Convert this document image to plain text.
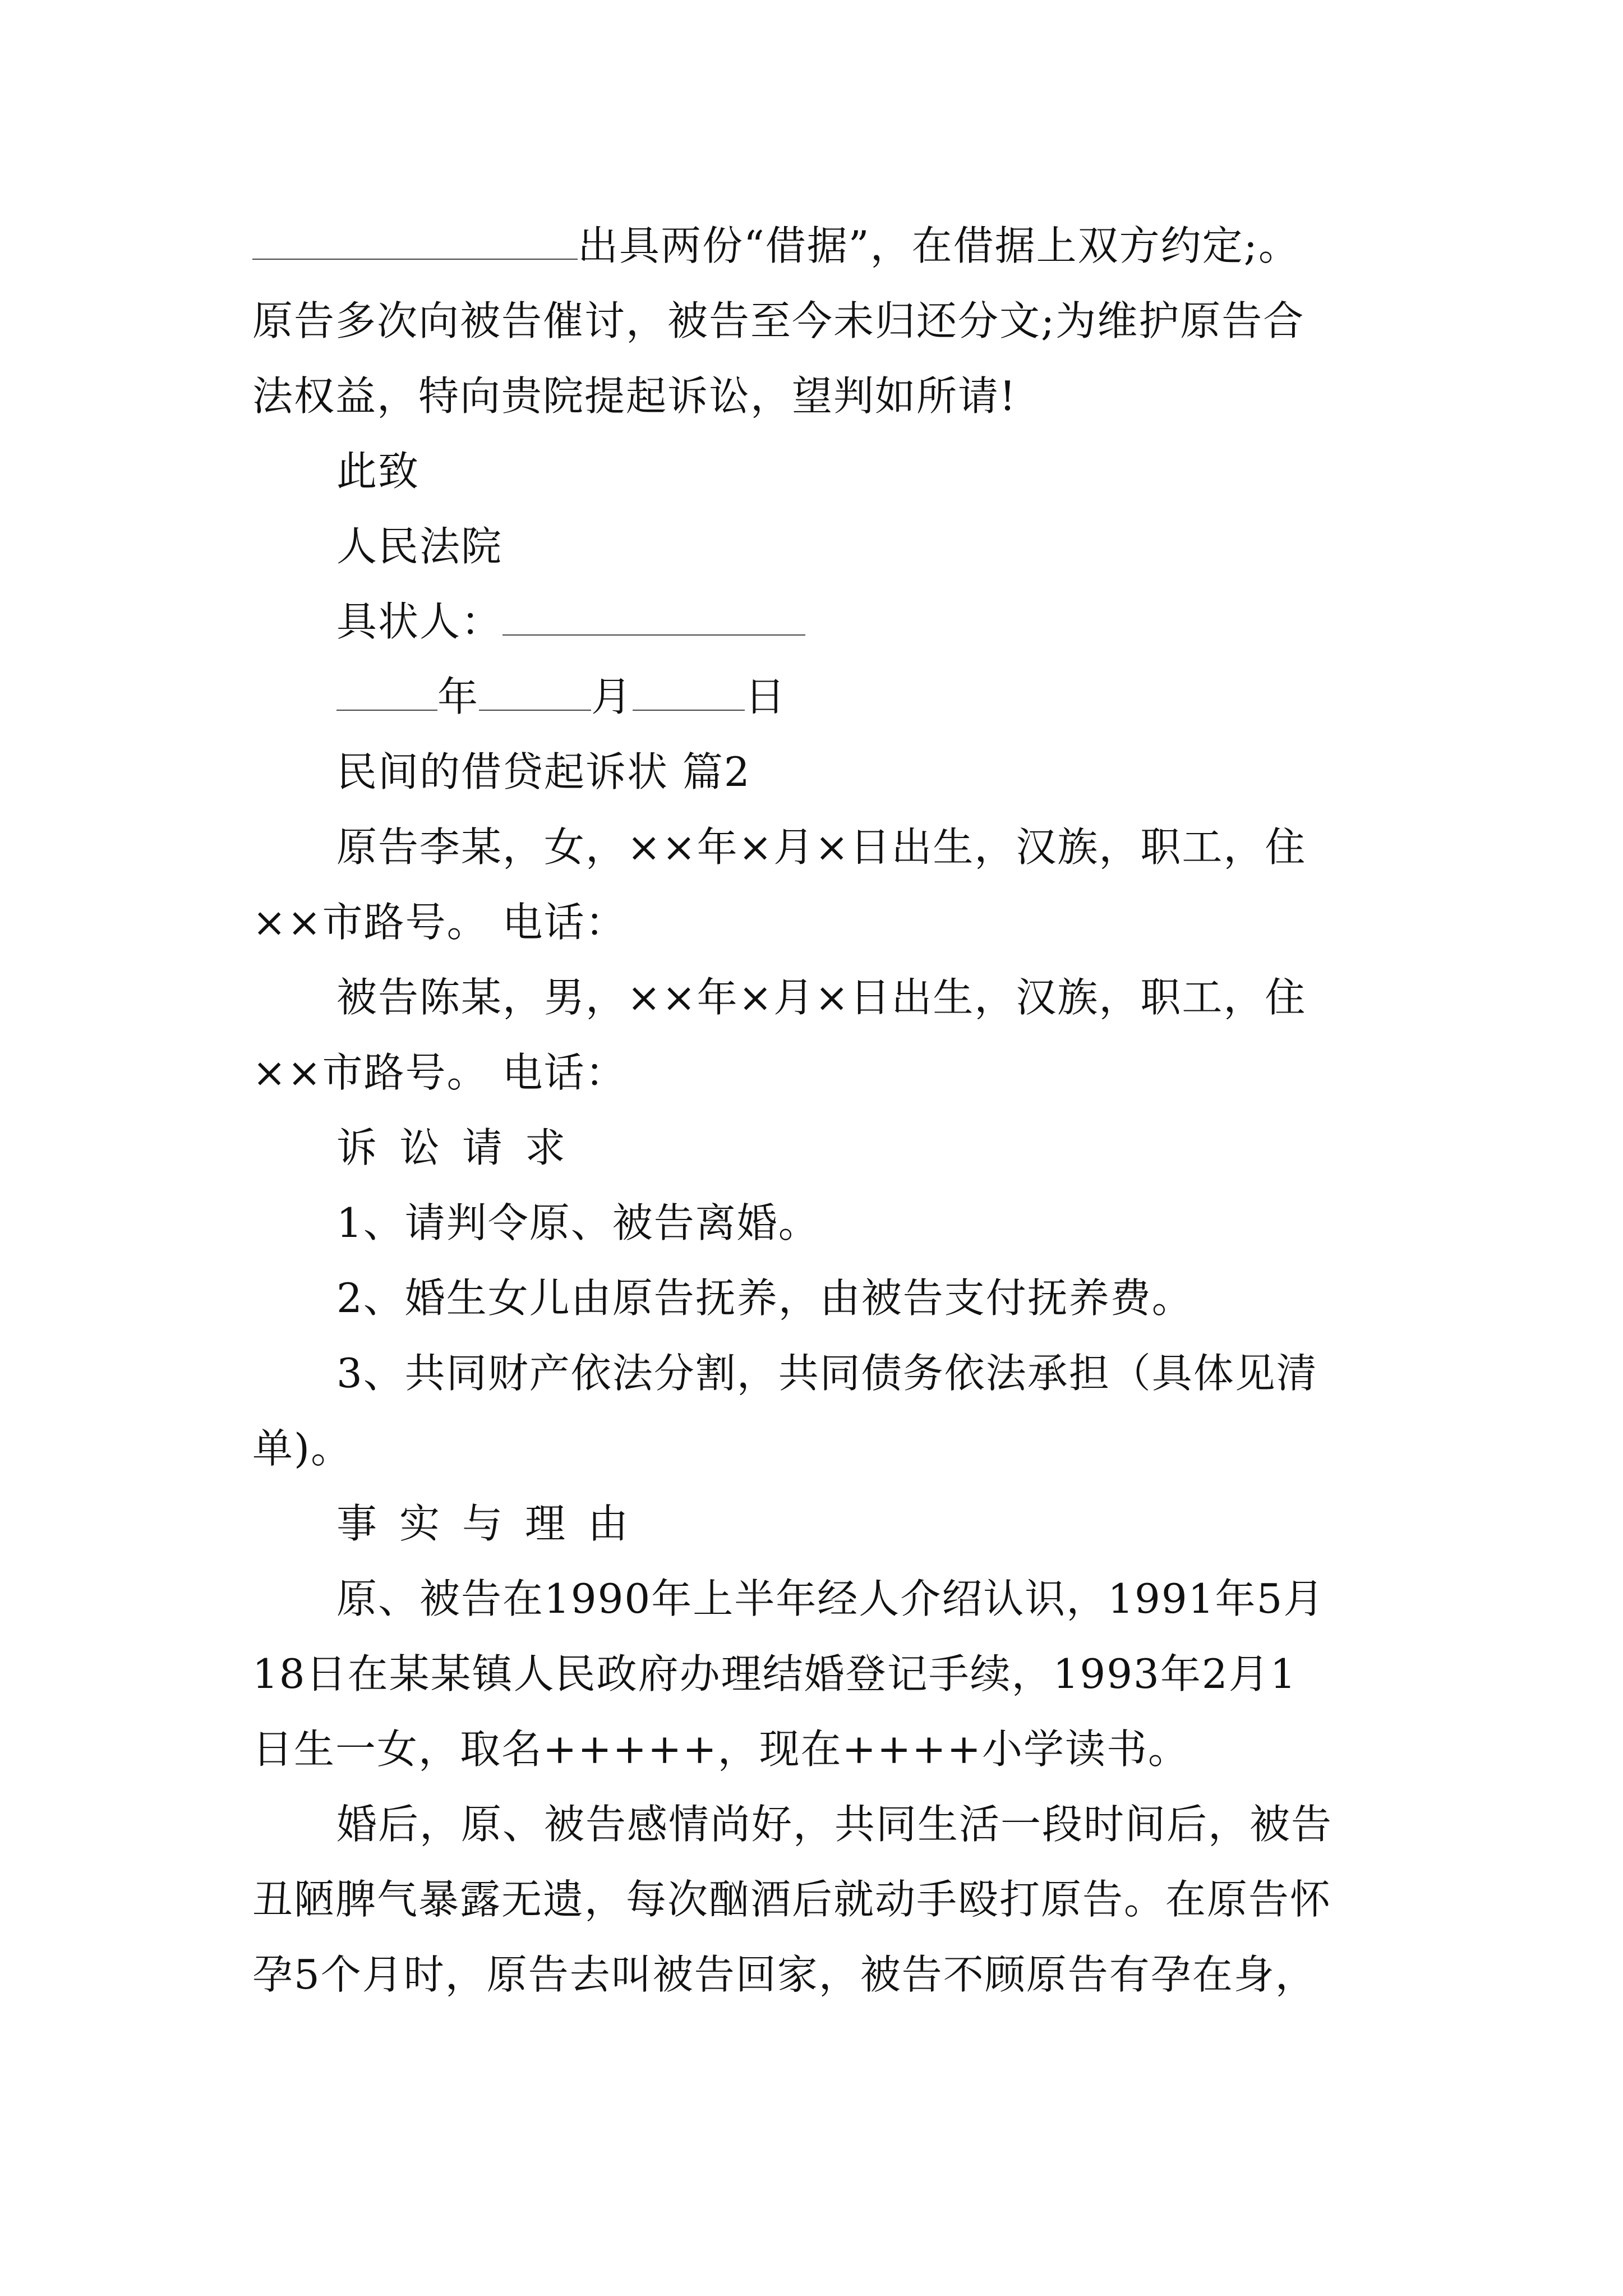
出具两份“借据”，在借据上双方约定;。
原告多次向被告催讨，被告至今未归还分文;为维护原告合
法权益，特向贵院提起诉讼，望判如所请!
此致
人民法院
具状人：
年	月	日
民间的借贷起诉状 篇2
原告李某，女，××年×月×日出生，汉族，职工，住
××市路号。 电话：
被告陈某，男，××年×月×日出生，汉族，职工，住
××市路号。 电话：
诉讼请求
1、请判令原、被告离婚。
2、婚生女儿由原告抚养，由被告支付抚养费。
3、共同财产依法分割，共同债务依法承担（具体见清
单)。
事实与理由
原、被告在1990年上半年经人介绍认识，1991年5月
18日在某某镇人民政府办理结婚登记手续，1993年2月1
日生一女，取名+++++，现在++++小学读书。
婚后，原、被告感情尚好，共同生活一段时间后，被告
丑陋脾气暴露无遗，每次酗酒后就动手殴打原告。在原告怀
孕5个月时，原告去叫被告回家，被告不顾原告有孕在身，
